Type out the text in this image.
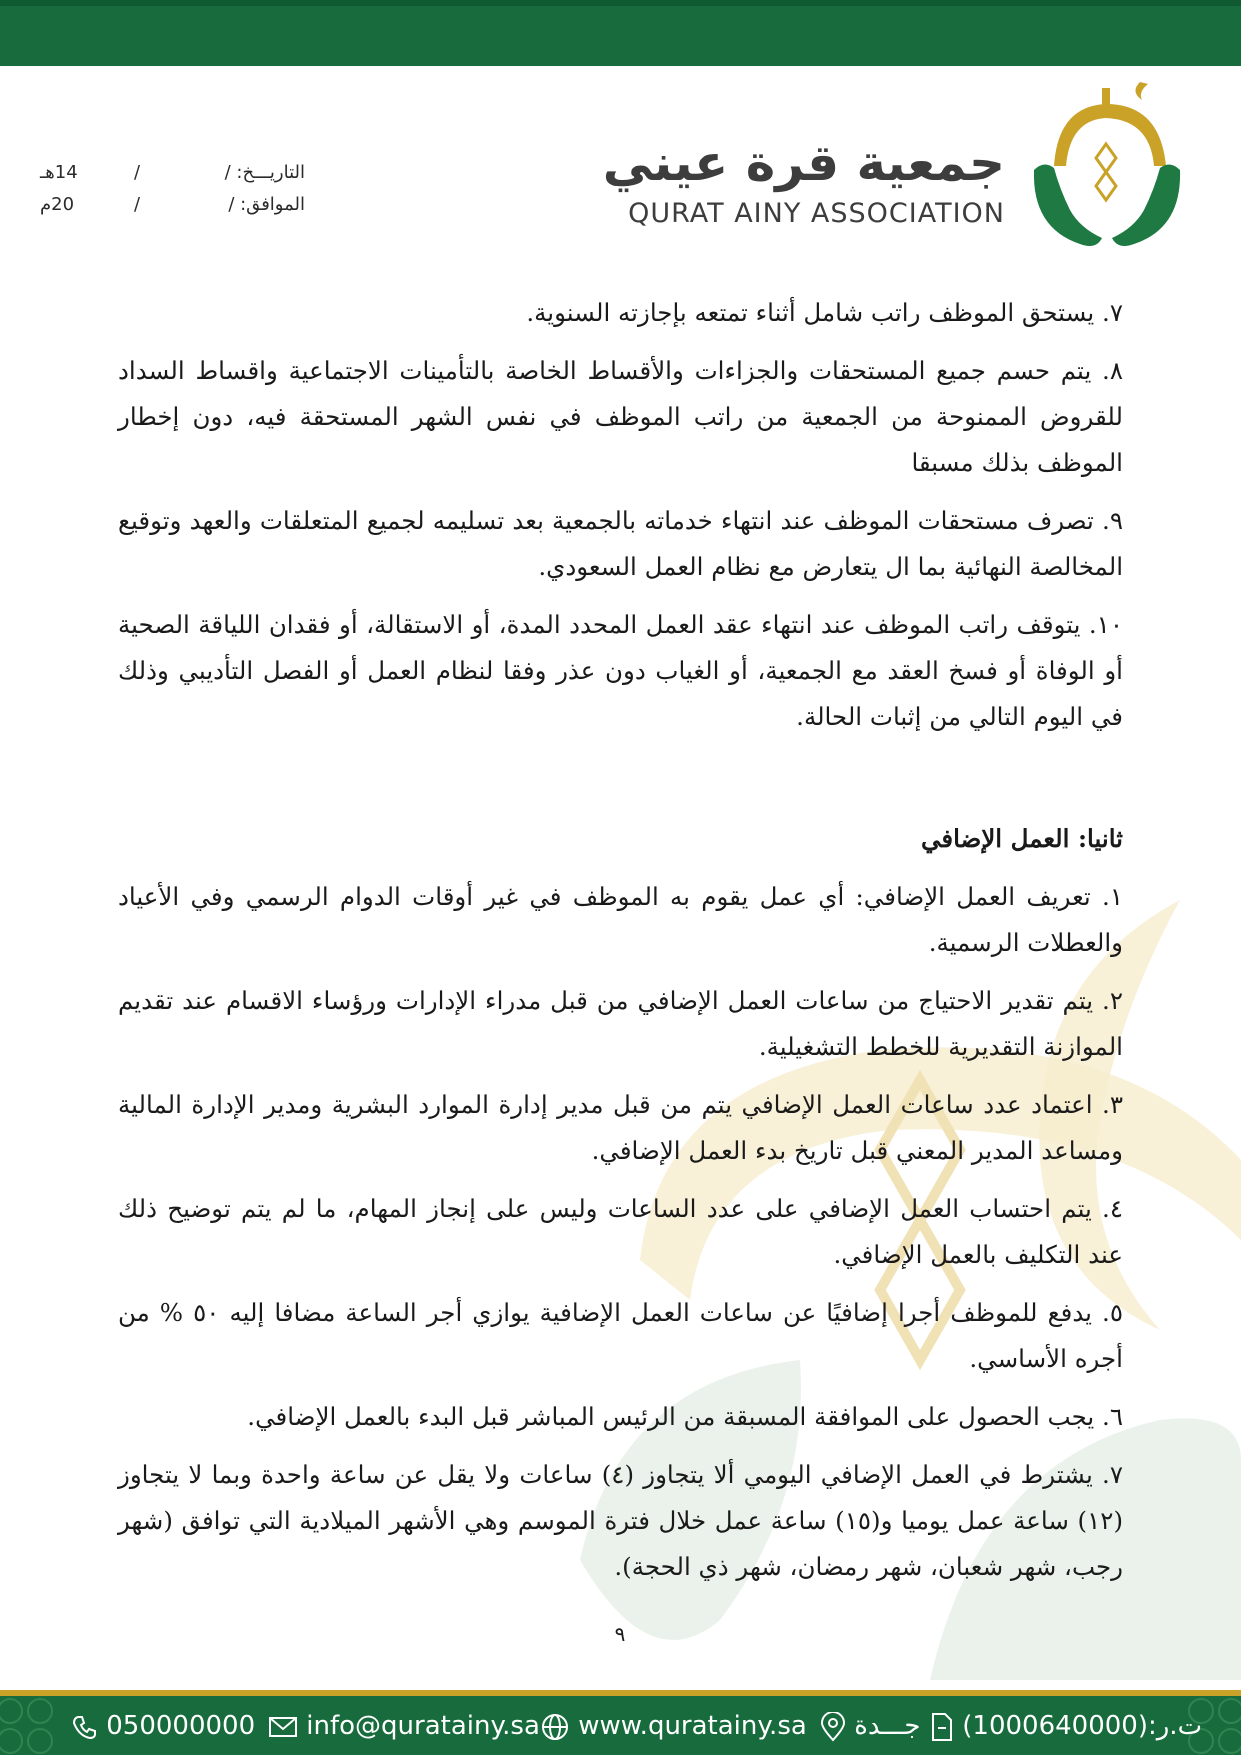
جمعية قرة عيني
QURAT AINY ASSOCIATION
14هـ	/	التاريـــخ: /
20م	/	الموافق: /

٧. يستحق الموظف راتب شامل أثناء تمتعه بإجازته السنوية.

٨. يتم حسم جميع المستحقات والجزاءات والأقساط الخاصة بالتأمينات الاجتماعية واقساط السداد للقروض الممنوحة من الجمعية من راتب الموظف في نفس الشهر المستحقة فيه، دون إخطار الموظف بذلك مسبقا

٩. تصرف مستحقات الموظف عند انتهاء خدماته بالجمعية بعد تسليمه لجميع المتعلقات والعهد وتوقيع المخالصة النهائية بما ال يتعارض مع نظام العمل السعودي.

١٠. يتوقف راتب الموظف عند انتهاء عقد العمل المحدد المدة، أو الاستقالة، أو فقدان اللياقة الصحية أو الوفاة أو فسخ العقد مع الجمعية، أو الغياب دون عذر وفقا لنظام العمل أو الفصل التأديبي وذلك في اليوم التالي من إثبات الحالة.

ثانيا: العمل الإضافي

١. تعريف العمل الإضافي: أي عمل يقوم به الموظف في غير أوقات الدوام الرسمي وفي الأعياد والعطلات الرسمية.

٢. يتم تقدير الاحتياج من ساعات العمل الإضافي من قبل مدراء الإدارات ورؤساء الاقسام عند تقديم الموازنة التقديرية للخطط التشغيلية.

٣. اعتماد عدد ساعات العمل الإضافي يتم من قبل مدير إدارة الموارد البشرية ومدير الإدارة المالية ومساعد المدير المعني قبل تاريخ بدء العمل الإضافي.

٤. يتم احتساب العمل الإضافي على عدد الساعات وليس على إنجاز المهام، ما لم يتم توضيح ذلك عند التكليف بالعمل الإضافي.

٥. يدفع للموظف أجرا إضافيًا عن ساعات العمل الإضافية يوازي أجر الساعة مضافا إليه ٥٠ % من أجره الأساسي.

٦. يجب الحصول على الموافقة المسبقة من الرئيس المباشر قبل البدء بالعمل الإضافي.

٧. يشترط في العمل الإضافي اليومي ألا يتجاوز (٤) ساعات ولا يقل عن ساعة واحدة وبما لا يتجاوز (١٢) ساعة عمل يوميا و(١٥) ساعة عمل خلال فترة الموسم وهي الأشهر الميلادية التي توافق (شهر رجب، شهر شعبان، شهر رمضان، شهر ذي الحجة).

٩
050000000	info@quratainy.sa	www.quratainy.sa	جـــدة	ت.ر:(1000640000)
